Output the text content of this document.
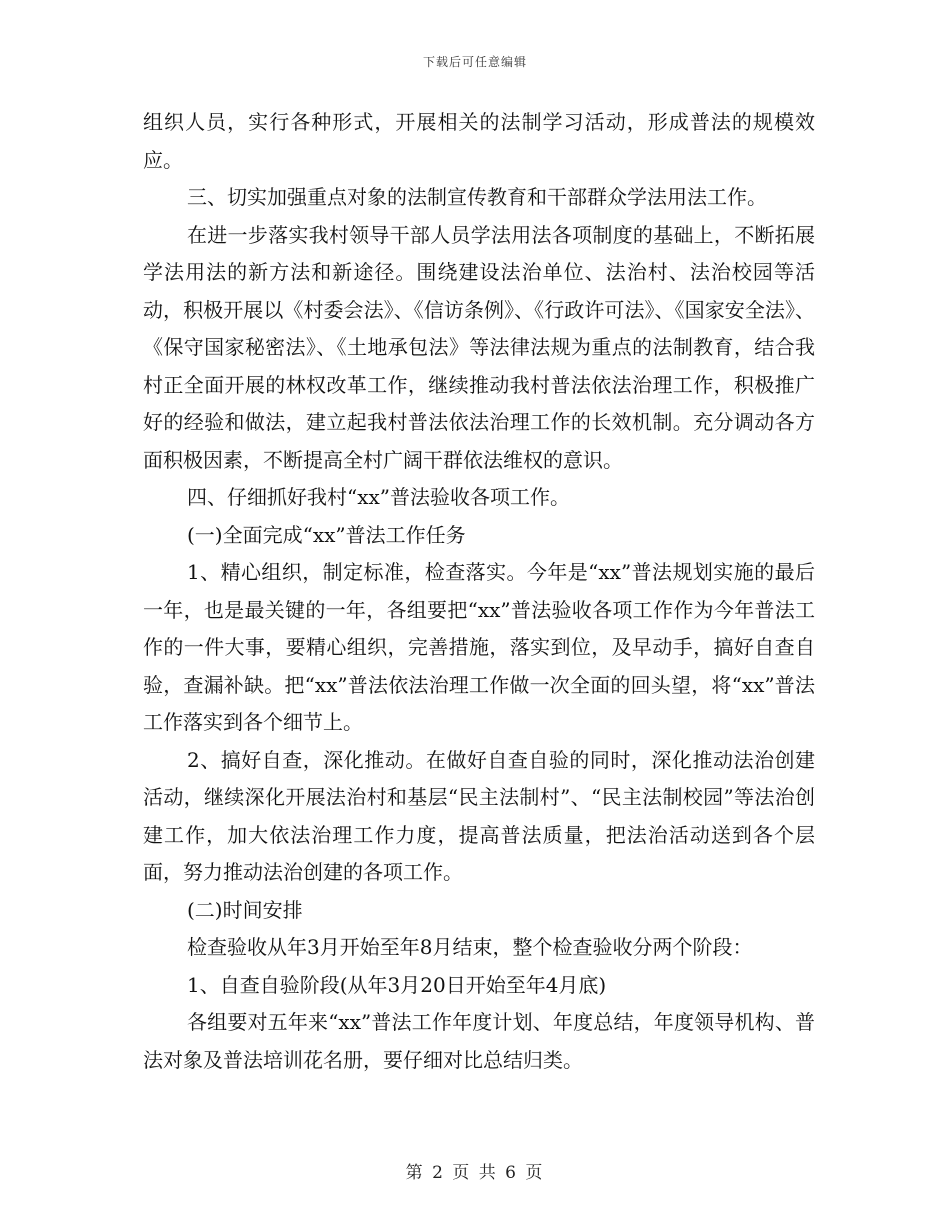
下载后可任意编辑

组织人员，实行各种形式，开展相关的法制学习活动，形成普法的规模效应。

三、切实加强重点对象的法制宣传教育和干部群众学法用法工作。

在进一步落实我村领导干部人员学法用法各项制度的基础上，不断拓展学法用法的新方法和新途径。围绕建设法治单位、法治村、法治校园等活动，积极开展以《村委会法》、《信访条例》、《行政许可法》、《国家安全法》、《保守国家秘密法》、《土地承包法》等法律法规为重点的法制教育，结合我村正全面开展的林权改革工作，继续推动我村普法依法治理工作，积极推广好的经验和做法，建立起我村普法依法治理工作的长效机制。充分调动各方面积极因素，不断提高全村广阔干群依法维权的意识。

四、仔细抓好我村“xx”普法验收各项工作。

(一)全面完成“xx”普法工作任务

1、精心组织，制定标准，检查落实。今年是“xx”普法规划实施的最后一年，也是最关键的一年，各组要把“xx”普法验收各项工作作为今年普法工作的一件大事，要精心组织，完善措施，落实到位，及早动手，搞好自查自验，查漏补缺。把“xx”普法依法治理工作做一次全面的回头望，将“xx”普法工作落实到各个细节上。

2、搞好自查，深化推动。在做好自查自验的同时，深化推动法治创建活动，继续深化开展法治村和基层“民主法制村”、“民主法制校园”等法治创建工作，加大依法治理工作力度，提高普法质量，把法治活动送到各个层面，努力推动法治创建的各项工作。

(二)时间安排

检查验收从年3月开始至年8月结束，整个检查验收分两个阶段：

1、自查自验阶段(从年3月20日开始至年4月底)

各组要对五年来“xx”普法工作年度计划、年度总结，年度领导机构、普法对象及普法培训花名册，要仔细对比总结归类。

第 2 页 共 6 页
